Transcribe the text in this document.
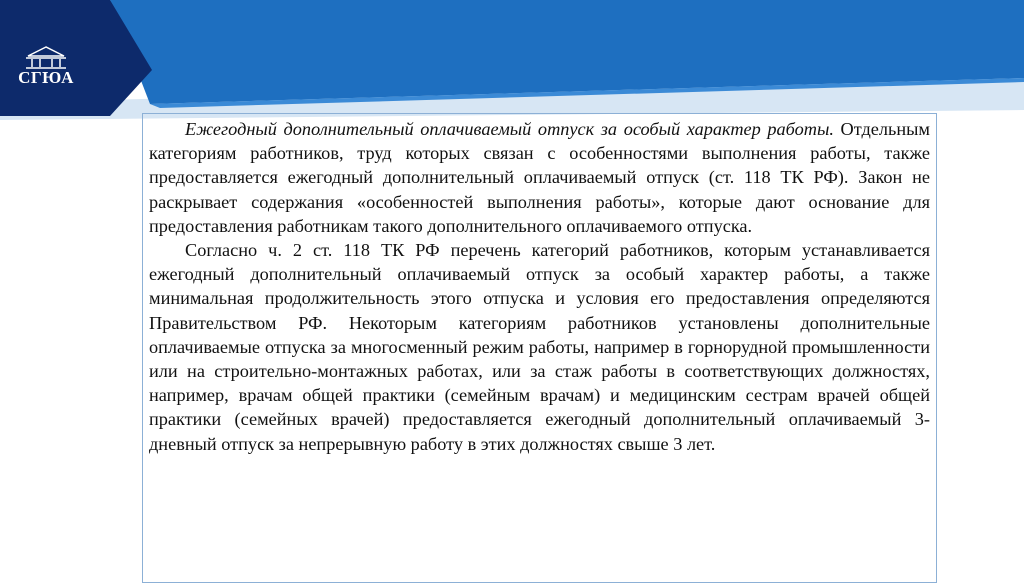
СГЮА

Ежегодный дополнительный оплачиваемый отпуск за особый характер работы. Отдельным категориям работников, труд которых связан с особенностями выполнения работы, также предоставляется ежегодный дополнительный оплачиваемый отпуск (ст. 118 ТК РФ). Закон не раскрывает содержания «особенностей выполнения работы», которые дают основание для предоставления работникам такого дополнительного оплачиваемого отпуска.

Согласно ч. 2 ст. 118 ТК РФ перечень категорий работников, которым устанавливается ежегодный дополнительный оплачиваемый отпуск за особый характер работы, а также минимальная продолжительность этого отпуска и условия его предоставления определяются Правительством РФ. Некоторым категориям работников установлены дополнительные оплачиваемые отпуска за многосменный режим работы, например в горнорудной промышленности или на строительно-монтажных работах, или за стаж работы в соответствующих должностях, например, врачам общей практики (семейным врачам) и медицинским сестрам врачей общей практики (семейных врачей) предоставляется ежегодный дополнительный оплачиваемый 3-дневный отпуск за непрерывную работу в этих должностях свыше 3 лет.
